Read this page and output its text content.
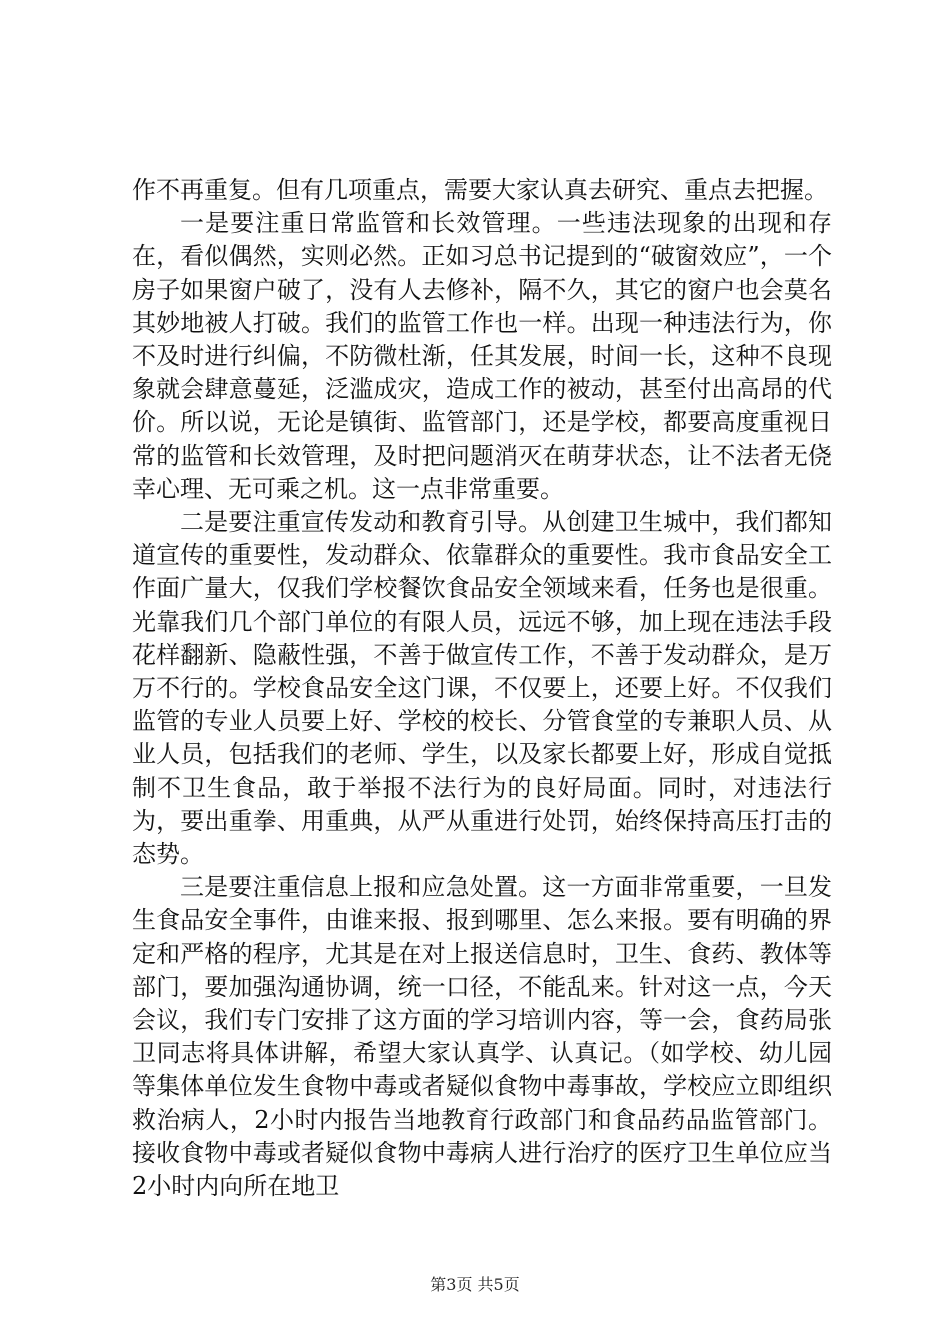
作不再重复。但有几项重点，需要大家认真去研究、重点去把握。

一是要注重日常监管和长效管理。一些违法现象的出现和存在，看似偶然，实则必然。正如习总书记提到的“破窗效应”，一个房子如果窗户破了，没有人去修补，隔不久，其它的窗户也会莫名其妙地被人打破。我们的监管工作也一样。出现一种违法行为，你不及时进行纠偏，不防微杜渐，任其发展，时间一长，这种不良现象就会肆意蔓延，泛滥成灾，造成工作的被动，甚至付出高昂的代价。所以说，无论是镇街、监管部门，还是学校，都要高度重视日常的监管和长效管理，及时把问题消灭在萌芽状态，让不法者无侥幸心理、无可乘之机。这一点非常重要。

二是要注重宣传发动和教育引导。从创建卫生城中，我们都知道宣传的重要性，发动群众、依靠群众的重要性。我市食品安全工作面广量大，仅我们学校餐饮食品安全领域来看，任务也是很重。光靠我们几个部门单位的有限人员，远远不够，加上现在违法手段花样翻新、隐蔽性强，不善于做宣传工作，不善于发动群众，是万万不行的。学校食品安全这门课，不仅要上，还要上好。不仅我们监管的专业人员要上好、学校的校长、分管食堂的专兼职人员、从业人员，包括我们的老师、学生，以及家长都要上好，形成自觉抵制不卫生食品，敢于举报不法行为的良好局面。同时，对违法行为，要出重拳、用重典，从严从重进行处罚，始终保持高压打击的态势。

三是要注重信息上报和应急处置。这一方面非常重要，一旦发生食品安全事件，由谁来报、报到哪里、怎么来报。要有明确的界定和严格的程序，尤其是在对上报送信息时，卫生、食药、教体等部门，要加强沟通协调，统一口径，不能乱来。针对这一点，今天会议，我们专门安排了这方面的学习培训内容，等一会，食药局张卫同志将具体讲解，希望大家认真学、认真记。（如学校、幼儿园等集体单位发生食物中毒或者疑似食物中毒事故，学校应立即组织救治病人，2小时内报告当地教育行政部门和食品药品监管部门。接收食物中毒或者疑似食物中毒病人进行治疗的医疗卫生单位应当2小时内向所在地卫

第3页 共5页
